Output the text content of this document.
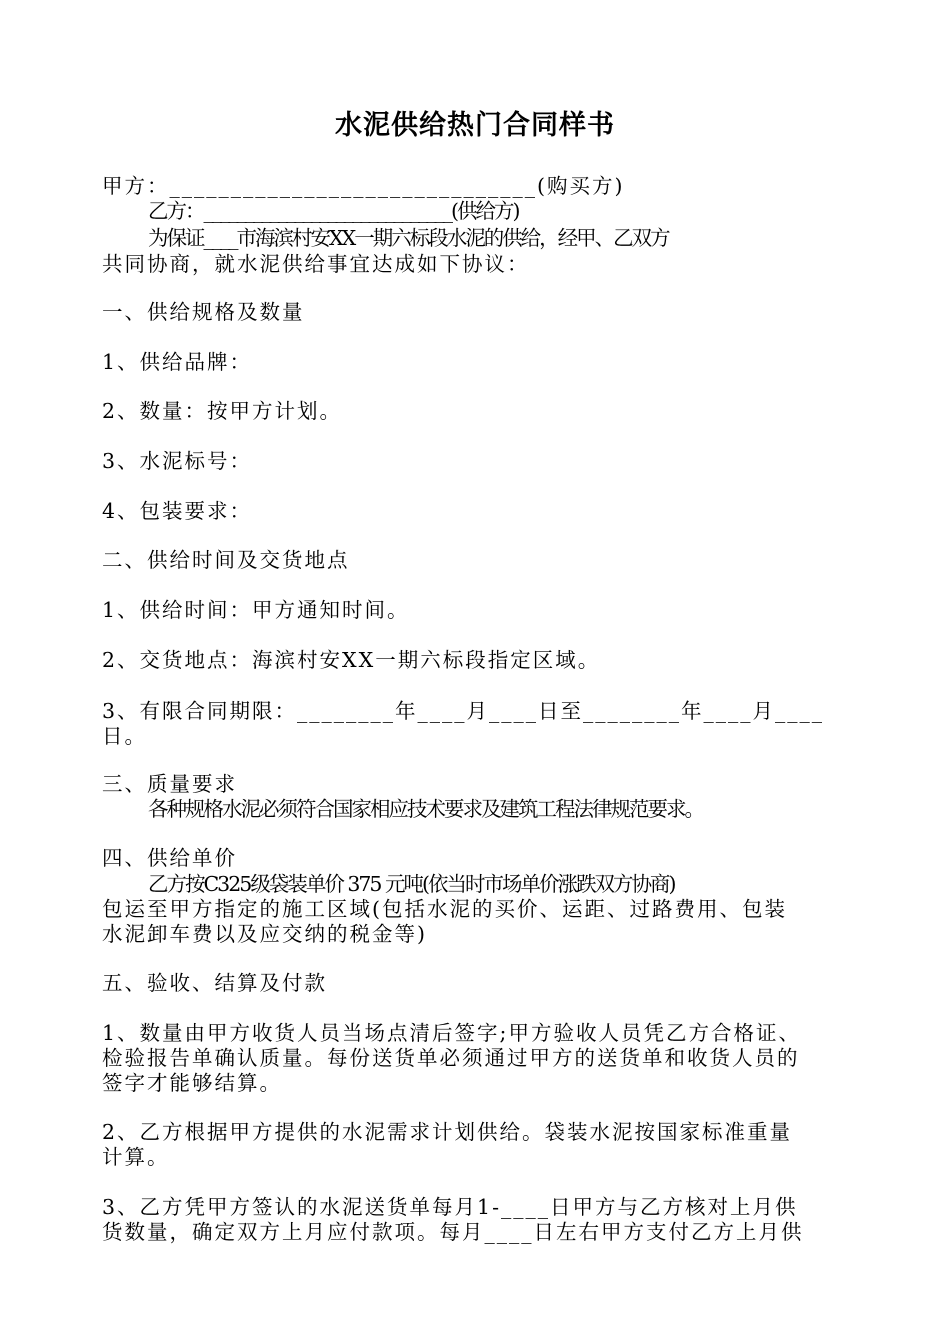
水泥供给热门合同样书
甲方：______________________________(购买方)
乙方：______________________________(供给方)
为保证____市海滨村安XX一期六标段水泥的供给，经甲、乙双方
共同协商，就水泥供给事宜达成如下协议：
一、供给规格及数量
1、供给品牌：
2、数量：按甲方计划。
3、水泥标号：
4、包装要求：
二、供给时间及交货地点
1、供给时间：甲方通知时间。
2、交货地点：海滨村安XX一期六标段指定区域。
3、有限合同期限：________年____月____日至________年____月____
日。
三、质量要求
各种规格水泥必须符合国家相应技术要求及建筑工程法律规范要求。
四、供给单价
乙方按C325级袋装单价 375 元吨(依当时市场单价涨跌双方协商)
包运至甲方指定的施工区域(包括水泥的买价、运距、过路费用、包装
水泥卸车费以及应交纳的税金等)
五、验收、结算及付款
1、数量由甲方收货人员当场点清后签字;甲方验收人员凭乙方合格证、
检验报告单确认质量。每份送货单必须通过甲方的送货单和收货人员的
签字才能够结算。
2、乙方根据甲方提供的水泥需求计划供给。袋装水泥按国家标准重量
计算。
3、乙方凭甲方签认的水泥送货单每月1-____日甲方与乙方核对上月供
货数量，确定双方上月应付款项。每月____日左右甲方支付乙方上月供
